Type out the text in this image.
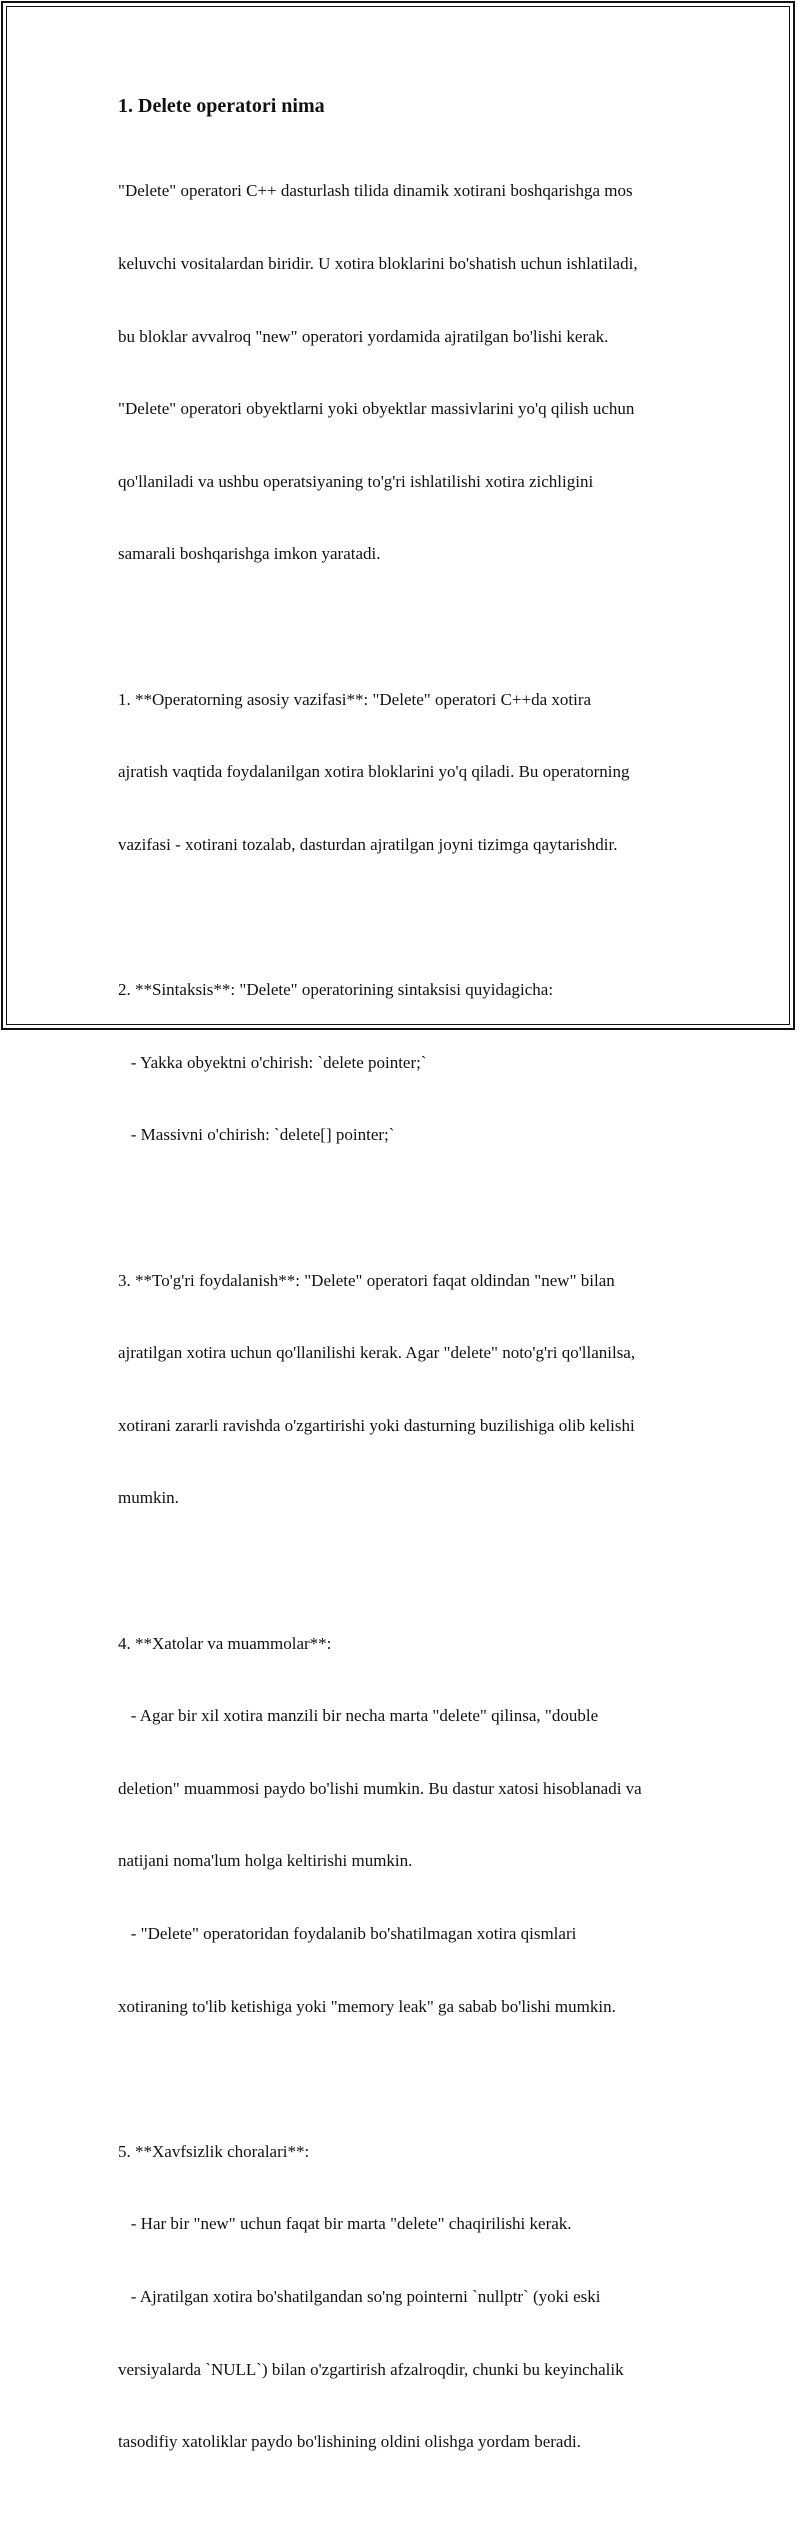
1. Delete operatori nima

"Delete" operatori C++ dasturlash tilida dinamik xotirani boshqarishga mos

keluvchi vositalardan biridir. U xotira bloklarini bo'shatish uchun ishlatiladi,

bu bloklar avvalroq "new" operatori yordamida ajratilgan bo'lishi kerak.

"Delete" operatori obyektlarni yoki obyektlar massivlarini yo'q qilish uchun

qo'llaniladi va ushbu operatsiyaning to'g'ri ishlatilishi xotira zichligini

samarali boshqarishga imkon yaratadi.

1. **Operatorning asosiy vazifasi**: "Delete" operatori C++da xotira

ajratish vaqtida foydalanilgan xotira bloklarini yo'q qiladi. Bu operatorning

vazifasi - xotirani tozalab, dasturdan ajratilgan joyni tizimga qaytarishdir.

2. **Sintaksis**: "Delete" operatorining sintaksisi quyidagicha:

- Yakka obyektni o'chirish: `delete pointer;`

- Massivni o'chirish: `delete[] pointer;`

3. **To'g'ri foydalanish**: "Delete" operatori faqat oldindan "new" bilan

ajratilgan xotira uchun qo'llanilishi kerak. Agar "delete" noto'g'ri qo'llanilsa,

xotirani zararli ravishda o'zgartirishi yoki dasturning buzilishiga olib kelishi

mumkin.

4. **Xatolar va muammolar**:

- Agar bir xil xotira manzili bir necha marta "delete" qilinsa, "double

deletion" muammosi paydo bo'lishi mumkin. Bu dastur xatosi hisoblanadi va

natijani noma'lum holga keltirishi mumkin.

- "Delete" operatoridan foydalanib bo'shatilmagan xotira qismlari

xotiraning to'lib ketishiga yoki "memory leak" ga sabab bo'lishi mumkin.

5. **Xavfsizlik choralari**:

- Har bir "new" uchun faqat bir marta "delete" chaqirilishi kerak.

- Ajratilgan xotira bo'shatilgandan so'ng pointerni `nullptr` (yoki eski

versiyalarda `NULL`) bilan o'zgartirish afzalroqdir, chunki bu keyinchalik

tasodifiy xatoliklar paydo bo'lishining oldini olishga yordam beradi.
